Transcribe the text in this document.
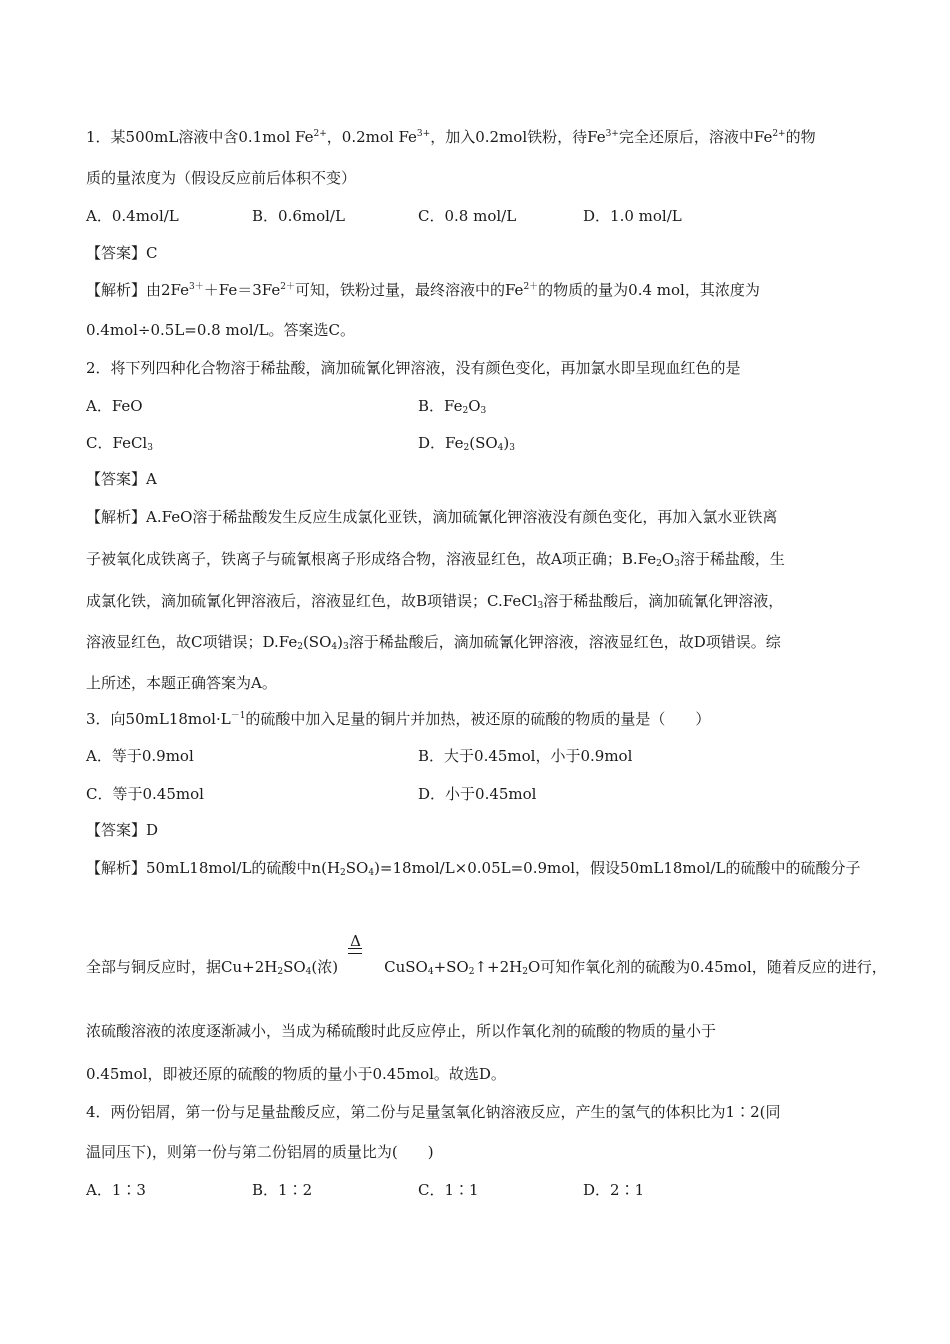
1．某500mL溶液中含0.1mol $Fe^{2+}$，0.2mol $Fe^{3+}$，加入0.2mol铁粉，待$Fe^{3+}$完全还原后，溶液中$Fe^{2+}$的物
质的量浓度为（假设反应前后体积不变）
A．0.4mol/L	B．0.6mol/L	C．0.8 mol/L	D．1.0 mol/L
【答案】C
【解析】由$2Fe^{3+}+Fe=3Fe^{2+}$可知，铁粉过量，最终溶液中的$Fe^{2+}$的物质的量为0.4 mol，其浓度为
0.4mol÷0.5L=0.8 mol/L。答案选C。
2．将下列四种化合物溶于稀盐酸，滴加硫氰化钾溶液，没有颜色变化，再加氯水即呈现血红色的是
A．FeO	B．$Fe_2O_3$
C．FeCl$_3$	D．$Fe_2(SO_4)_3$
【答案】A
【解析】A.FeO溶于稀盐酸发生反应生成氯化亚铁，滴加硫氰化钾溶液没有颜色变化，再加入氯水亚铁离
子被氧化成铁离子，铁离子与硫氰根离子形成络合物，溶液显红色，故A项正确；$B.Fe_2O_3$溶于稀盐酸，生
成氯化铁，滴加硫氰化钾溶液后，溶液显红色，故B项错误；C.FeCl$_3$溶于稀盐酸后，滴加硫氰化钾溶液，
溶液显红色，故C项错误；$D.Fe_2(SO_4)_3$溶于稀盐酸后，滴加硫氰化钾溶液，溶液显红色，故D项错误。综
上所述，本题正确答案为A。
3．向$50mL18mol\cdot L^{-1}$的硫酸中加入足量的铜片并加热，被还原的硫酸的物质的量是（　　）
A．等于0.9mol	B．大于0.45mol，小于0.9mol
C．等于0.45mol	D．小于0.45mol
【答案】D
【解析】50mL18mol/L的硫酸中$n(H_2SO_4)=18mol/L\times 0.05L=0.9mol$，假设50mL18mol/L的硫酸中的硫酸分子
全部与铜反应时，据$Cu+2H_2SO_4$(浓)
Δ
$CuSO_4+SO_2↑+2H_2O$可知作氧化剂的硫酸为0.45mol，随着反应的进行，
浓硫酸溶液的浓度逐渐减小，当成为稀硫酸时此反应停止，所以作氧化剂的硫酸的物质的量小于
0.45mol，即被还原的硫酸的物质的量小于0.45mol。故选D。
4．两份铝屑，第一份与足量盐酸反应，第二份与足量氢氧化钠溶液反应，产生的氢气的体积比为1∶2(同
温同压下)，则第一份与第二份铝屑的质量比为(　　)
A．1∶3	B．1∶2	C．1∶1	D．2∶1
